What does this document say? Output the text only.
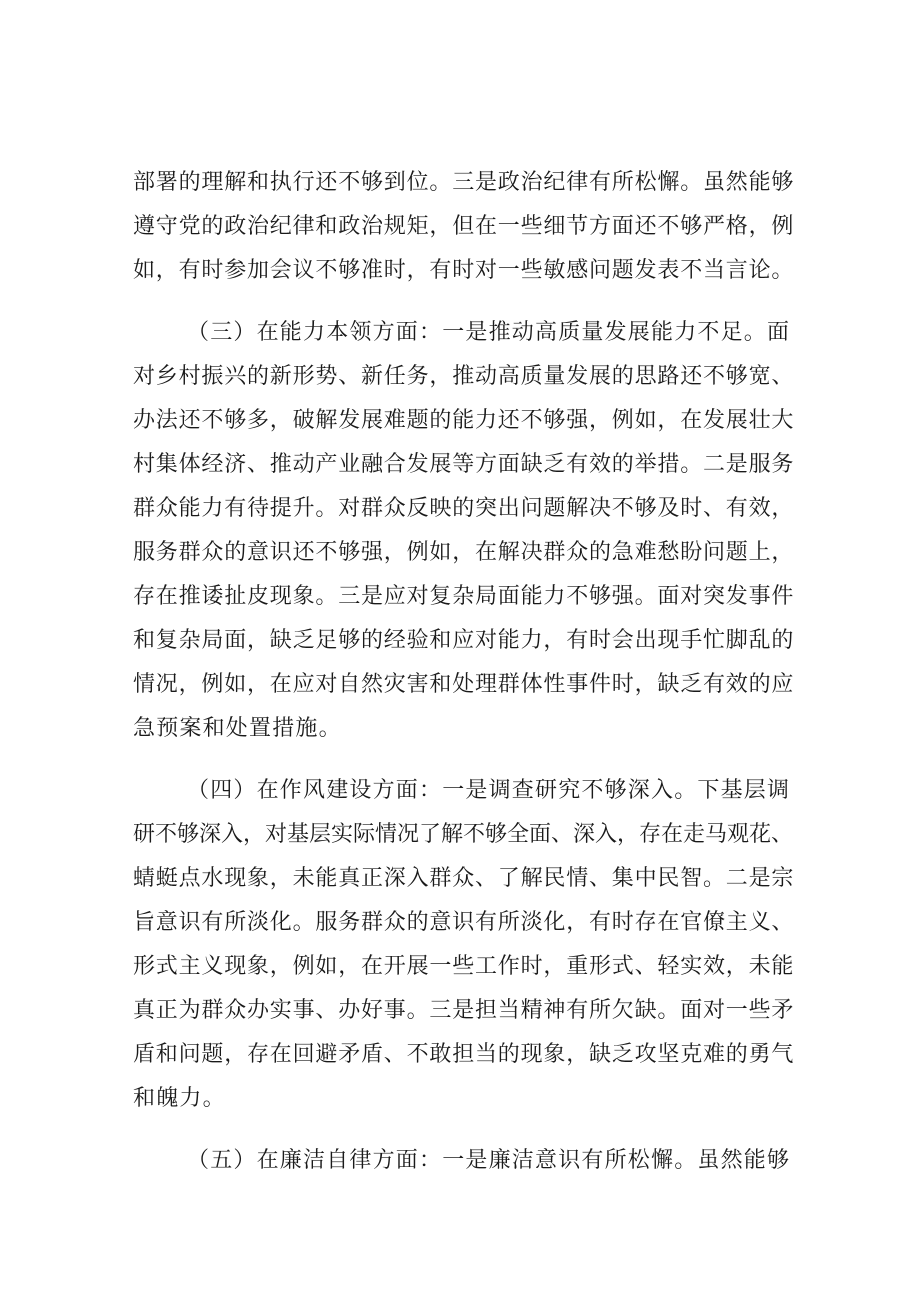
部署的理解和执行还不够到位。三是政治纪律有所松懈。虽然能够
遵守党的政治纪律和政治规矩，但在一些细节方面还不够严格，例
如，有时参加会议不够准时，有时对一些敏感问题发表不当言论。
（三）在能力本领方面：一是推动高质量发展能力不足。面
对乡村振兴的新形势、新任务，推动高质量发展的思路还不够宽、
办法还不够多，破解发展难题的能力还不够强，例如，在发展壮大
村集体经济、推动产业融合发展等方面缺乏有效的举措。二是服务
群众能力有待提升。对群众反映的突出问题解决不够及时、有效，
服务群众的意识还不够强，例如，在解决群众的急难愁盼问题上，
存在推诿扯皮现象。三是应对复杂局面能力不够强。面对突发事件
和复杂局面，缺乏足够的经验和应对能力，有时会出现手忙脚乱的
情况，例如，在应对自然灾害和处理群体性事件时，缺乏有效的应
急预案和处置措施。
（四）在作风建设方面：一是调查研究不够深入。下基层调
研不够深入，对基层实际情况了解不够全面、深入，存在走马观花、
蜻蜓点水现象，未能真正深入群众、了解民情、集中民智。二是宗
旨意识有所淡化。服务群众的意识有所淡化，有时存在官僚主义、
形式主义现象，例如，在开展一些工作时，重形式、轻实效，未能
真正为群众办实事、办好事。三是担当精神有所欠缺。面对一些矛
盾和问题，存在回避矛盾、不敢担当的现象，缺乏攻坚克难的勇气
和魄力。
（五）在廉洁自律方面：一是廉洁意识有所松懈。虽然能够
